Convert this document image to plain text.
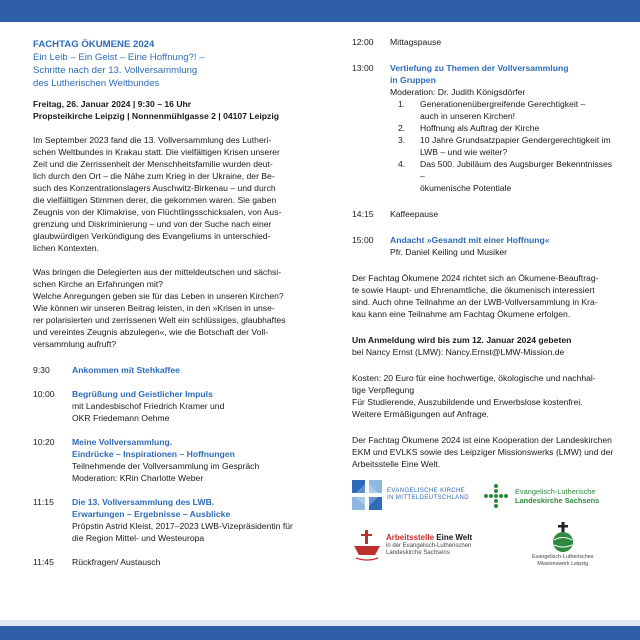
FACHTAG ÖKUMENE 2024

Ein Leib – Ein Geist – Eine Hoffnung?! –

Schritte nach der 13. Vollversammlung

des Lutherischen Weltbundes

Freitag, 26. Januar 2024 | 9:30 – 16 Uhr
Propsteikirche Leipzig | Nonnenmühlgasse 2 | 04107 Leipzig

Im September 2023 fand die 13. Vollversammlung des Lutheri-

schen Weltbundes in Krakau statt. Die vielfältigen Krisen unserer

Zeit und die Zerrissenheit der Menschheitsfamilie wurden deut-

lich durch den Ort – die Nähe zum Krieg in der Ukraine, der Be-

such des Konzentrationslagers Auschwitz-Birkenau – und durch

die vielfältigen Stimmen derer, die gekommen waren. Sie gaben

Zeugnis von der Klimakrise, von Flüchtlingsschicksalen, von Aus-

grenzung und Diskriminierung – und von der Suche nach einer

glaubwürdigen Verkündigung des Evangeliums in unterschied-

lichen Kontexten.

Was bringen die Delegierten aus der mitteldeutschen und sächsi-

schen Kirche an Erfahrungen mit?

Welche Anregungen geben sie für das Leben in unseren Kirchen?

Wie können wir unseren Beitrag leisten, in den »Krisen in unse-

rer polarisierten und zerrissenen Welt ein schlüssiges, glaubhaftes

und vereintes Zeugnis abzulegen«, wie die Botschaft der Voll-

versammlung aufruft?

9:30	Ankommen mit Stehkaffee
10:00	Begrüßung und Geistlicher Impuls
mit Landesbischof Friedrich Kramer und
OKR Friedemann Oehme
10:20	Meine Vollversammlung.
Eindrücke – Inspirationen – Hoffnungen
Teilnehmende der Vollversammlung im Gespräch
Moderation: KRin Charlotte Weber
11:15	Die 13. Vollversammlung des LWB.
Erwartungen – Ergebnisse – Ausblicke
Pröpstin Astrid Kleist, 2017–2023 LWB-Vizepräsidentin für
die Region Mittel- und Westeuropa
11:45	Rückfragen/ Austausch
12:00	Mittagspause
13:00	Vertiefung zu Themen der Vollversammlung
in Gruppen
Moderation: Dr. Judith Königsdörfer
1.	Generationenübergreifende Gerechtigkeit –
auch in unseren Kirchen!
2.	Hoffnung als Auftrag der Kirche
3.	10 Jahre Grundsatzpapier Gendergerechtigkeit im
LWB – und wie weiter?
4.	Das 500. Jubiläum des Augsburger Bekenntnisses –
ökumenische Potentiale
14:15	Kaffeepause
15:00	Andacht »Gesandt mit einer Hoffnung«
Pfr. Daniel Keiling und Musiker

Der Fachtag Ökumene 2024 richtet sich an Ökumene-Beauftrag-

te sowie Haupt- und Ehrenamtliche, die ökumenisch interessiert

sind. Auch ohne Teilnahme an der LWB-Vollversammlung in Kra-

kau kann eine Teilnahme am Fachtag Ökumene erfolgen.

Um Anmeldung wird bis zum 12. Januar 2024 gebeten

bei Nancy Ernst (LMW): Nancy.Ernst@LMW-Mission.de

Kosten: 20 Euro für eine hochwertige, ökologische und nachhal-

tige Verpflegung

Für Studierende, Auszubildende und Erwerbslose kostenfrei.

Weitere Ermäßigungen auf Anfrage.

Der Fachtag Ökumene 2024 ist eine Kooperation der Landeskirchen

EKM und EVLKS sowie des Leipziger Missionswerks (LMW) und der

Arbeitsstelle Eine Welt.

EVANGELISCHE KIRCHE
IN MITTELDEUTSCHLAND
Evangelisch-Lutherische
Landeskirche Sachsens
Arbeitsstelle Eine Welt
in der Evangelisch-Lutherischen
Landeskirche Sachsens
Evangelisch-Lutherisches
Missionswerk Leipzig
